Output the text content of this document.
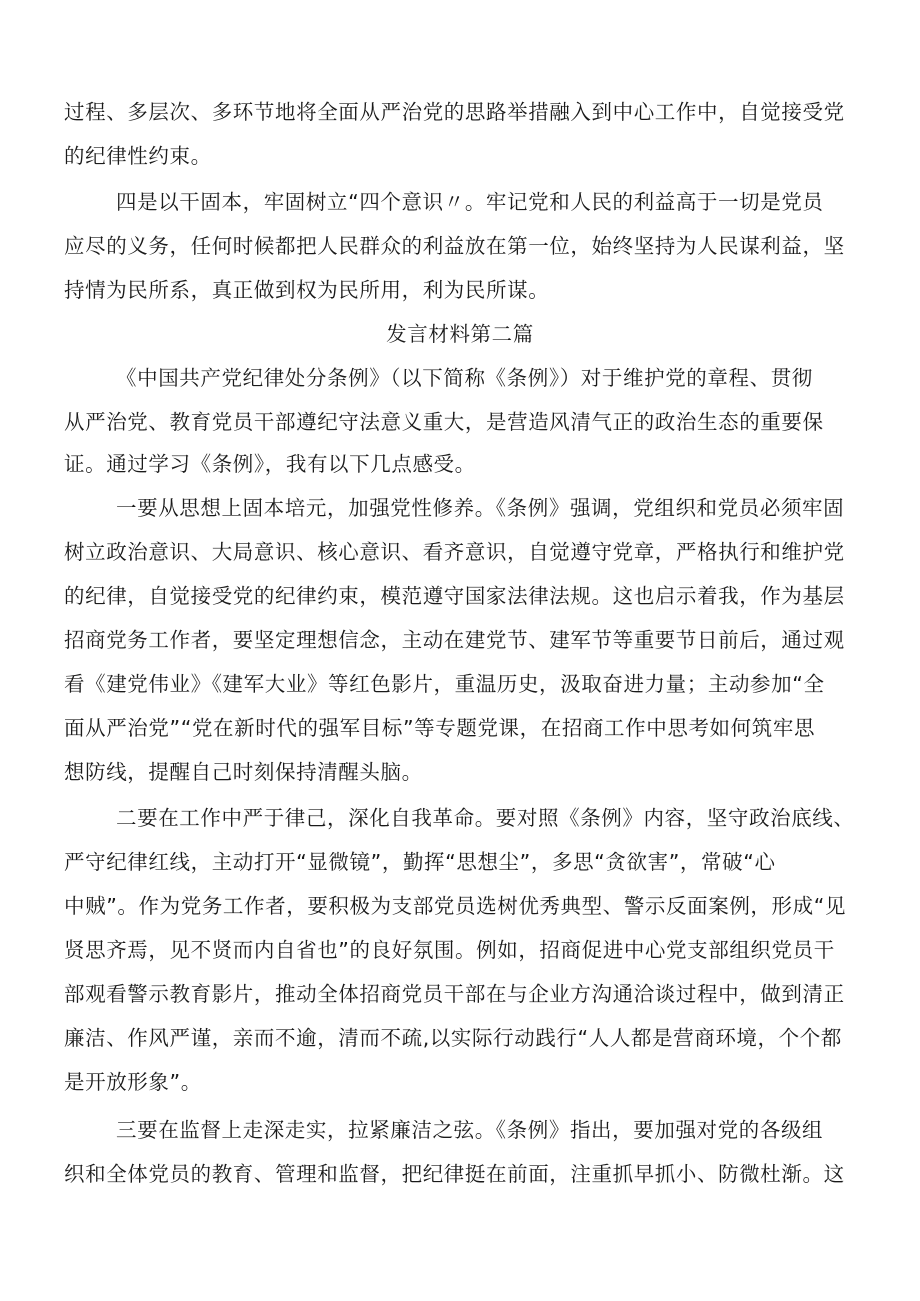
过程、多层次、多环节地将全面从严治党的思路举措融入到中心工作中，自觉接受党
的纪律性约束。
四是以干固本，牢固树立“四个意识〃。牢记党和人民的利益高于一切是党员
应尽的义务，任何时候都把人民群众的利益放在第一位，始终坚持为人民谋利益，坚
持情为民所系，真正做到权为民所用，利为民所谋。
发言材料第二篇
《中国共产党纪律处分条例》（以下简称《条例》）对于维护党的章程、贯彻
从严治党、教育党员干部遵纪守法意义重大，是营造风清气正的政治生态的重要保
证。通过学习《条例》，我有以下几点感受。
一要从思想上固本培元，加强党性修养。《条例》强调，党组织和党员必须牢固
树立政治意识、大局意识、核心意识、看齐意识，自觉遵守党章，严格执行和维护党
的纪律，自觉接受党的纪律约束，模范遵守国家法律法规。这也启示着我，作为基层
招商党务工作者，要坚定理想信念，主动在建党节、建军节等重要节日前后，通过观
看《建党伟业》《建军大业》等红色影片，重温历史，汲取奋进力量；主动参加“全
面从严治党”“党在新时代的强军目标”等专题党课，在招商工作中思考如何筑牢思
想防线，提醒自己时刻保持清醒头脑。
二要在工作中严于律己，深化自我革命。要对照《条例》内容，坚守政治底线、
严守纪律红线，主动打开“显微镜”，勤挥“思想尘”，多思“贪欲害”，常破“心
中贼”。作为党务工作者，要积极为支部党员选树优秀典型、警示反面案例，形成“见
贤思齐焉，见不贤而内自省也”的良好氛围。例如，招商促进中心党支部组织党员干
部观看警示教育影片，推动全体招商党员干部在与企业方沟通洽谈过程中，做到清正
廉洁、作风严谨，亲而不逾，清而不疏,以实际行动践行“人人都是营商环境，个个都
是开放形象”。
三要在监督上走深走实，拉紧廉洁之弦。《条例》指出，要加强对党的各级组
织和全体党员的教育、管理和监督，把纪律挺在前面，注重抓早抓小、防微杜渐。这
